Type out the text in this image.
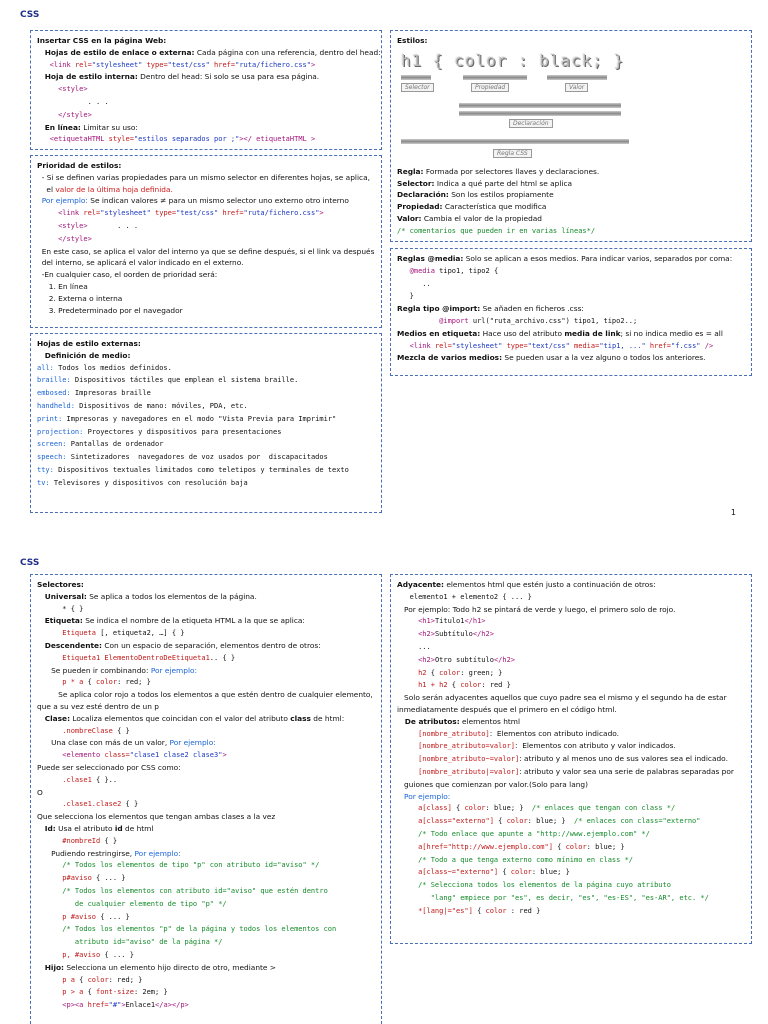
CSS
Insertar CSS en la página Web:
Hojas de estilo de enlace o externa: Cada página con una referencia, dentro del head:
<link rel="stylesheet" type="test/css" href="ruta/fichero.css">
Hoja de estilo interna: Dentro del head: Si solo se usa para esa página.
<style>
. . .
</style>
En línea: Limitar su uso:
<etiquetaHTML style="estilos separados por ;"></ etiquetaHTML >
Prioridad de estilos:
- Si se definen varias propiedades para un mismo selector en diferentes hojas, se aplica,
el valor de la última hoja definida.
Por ejemplo: Se indican valores ≠ para un mismo selector uno externo otro interno
<link rel="stylesheet" type="test/css" href="ruta/fichero.css">
<style>       . . .
</style>
En este caso, se aplica el valor del interno ya que se define después, si el link va después
del interno, se aplicará el valor indicado en el externo.
-En cualquier caso, el oorden de prioridad será:
1. En línea
2. Externa o interna
3. Predeterminado por el navegador
Hojas de estilo externas:
Definición de medio:
all: Todos los medios definidos.
braille: Dispositivos táctiles que emplean el sistema braille.
embosed: Impresoras braille
handheld: Dispositivos de mano: móviles, PDA, etc.
print: Impresoras y navegadores en el modo "Vista Previa para Imprimir"
projection: Proyectores y dispositivos para presentaciones
screen: Pantallas de ordenador
speech: Sintetizadores  navegadores de voz usados por  discapacitados
tty: Dispositivos textuales limitados como teletipos y terminales de texto
tv: Televisores y dispositivos con resolución baja
Estilos:
h1 { color : black; }
Selector	Propiedad	Valor
Declaración
Regla CSS
Regla: Formada por selectores llaves y declaraciones.
Selector: Indica a qué parte del html se aplica
Declaración: Son los estilos propiamente
Propiedad: Característica que modifica
Valor: Cambia el valor de la propiedad
/* comentarios que pueden ir en varias líneas*/
Reglas @media: Solo se aplican a esos medios. Para indicar varios, separados por coma:
@media tipo1, tipo2 {
..
}
Regla tipo @import: Se añaden en ficheros .css:
@import url("ruta_archivo.css") tipo1, tipo2..;
Medios en etiqueta: Hace uso del atributo media de link; si no indica medio es = all
<link rel="stylesheet" type="text/css" media="tip1, ..." href="f.css" />
Mezcla de varios medios: Se pueden usar a la vez alguno o todos los anteriores.
1
CSS
Selectores:
Universal: Se aplica a todos los elementos de la página.
* { }
Etiqueta: Se indica el nombre de la etiqueta HTML a la que se aplica:
Etiqueta [, etiqueta2, …] { }
Descendente: Con un espacio de separación, elementos dentro de otros:
Etiqueta1 ElementoDentroDeEtiqueta1.. { }
Se pueden ir combinando: Por ejemplo:
p * a { color: red; }
Se aplica color rojo a todos los elementos a que estén dentro de cualquier elemento,
que a su vez esté dentro de un p
Clase: Localiza elementos que coincidan con el valor del atributo class de html:
.nombreClase { }
Una clase con más de un valor, Por ejemplo:
<elemento class="clase1 clase2 clase3">
Puede ser seleccionado por CSS como:
.clase1 { }..
O
.clase1.clase2 { }
Que selecciona los elementos que tengan ambas clases a la vez
Id: Usa el atributo id de html
#nombreId { }
Pudiendo restringirse, Por ejemplo:
/* Todos los elementos de tipo "p" con atributo id="aviso" */
p#aviso { ... }
/* Todos los elementos con atributo id="aviso" que estén dentro
de cualquier elemento de tipo "p" */
p #aviso { ... }
/* Todos los elementos "p" de la página y todos los elementos con
atributo id="aviso" de la página */
p, #aviso { ... }
Hijo: Selecciona un elemento hijo directo de otro, mediante >
p a { color: red; }
p > a { font-size: 2em; }
<p><a href="#">Enlace1</a></p>
Adyacente: elementos html que estén justo a continuación de otros:
elemento1 + elemento2 { ... }
Por ejemplo: Todo h2 se pintará de verde y luego, el primero solo de rojo.
<h1>Titulo1</h1>
<h2>Subtítulo</h2>
...
<h2>Otro subtítulo</h2>
h2 { color: green; }
h1 + h2 { color: red }
Solo serán adyacentes aquellos que cuyo padre sea el mismo y el segundo ha de estar
inmediatamente después que el primero en el código html.
De atributos: elementos html
[nombre_atributo]:  Elementos con atributo indicado.
[nombre_atributo=valor]:  Elementos con atributo y valor indicados.
[nombre_atributo~=valor]: atributo y al menos uno de sus valores sea el indicado.
[nombre_atributo|=valor]: atributo y valor sea una serie de palabras separadas por
guiones que comienzan por valor.(Solo para lang)
Por ejemplo:
a[class] { color: blue; }  /* enlaces que tengan con class */
a[class="externo"] { color: blue; }  /* enlaces con class="externo"
/* Todo enlace que apunte a "http://www.ejemplo.com" */
a[href="http://www.ejemplo.com"] { color: blue; }
/* Todo a que tenga externo como mínimo en class */
a[class~="externo"] { color: blue; }
/* Selecciona todos los elementos de la página cuyo atributo
"lang" empiece por "es", es decir, "es", "es-ES", "es-AR", etc. */
*[lang|="es"] { color : red }
